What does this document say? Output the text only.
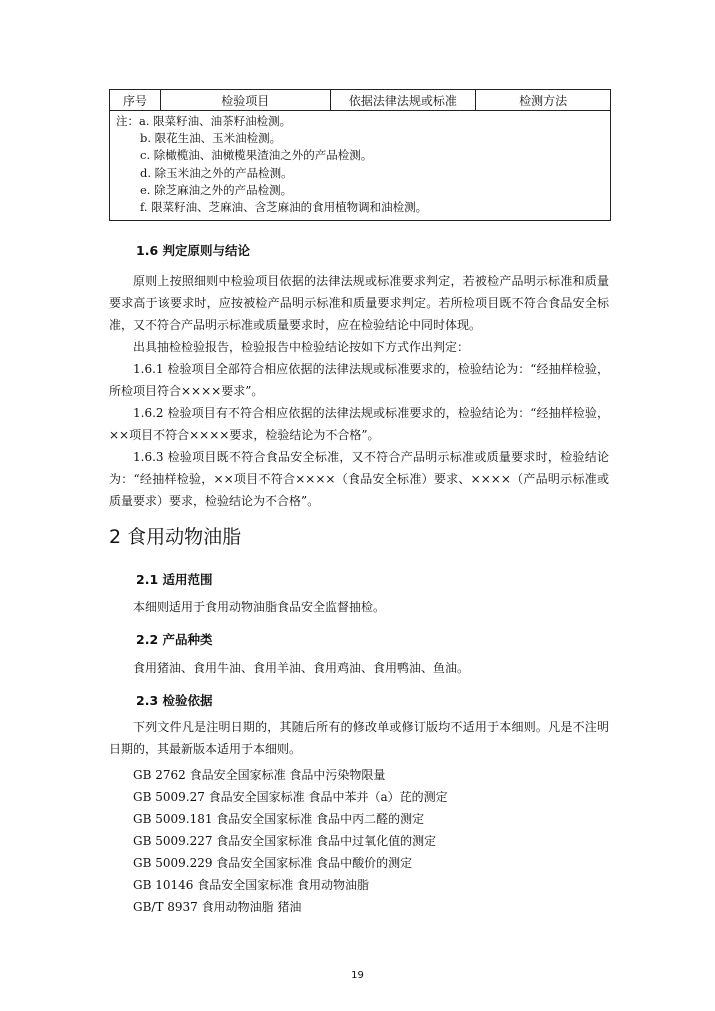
序号	检验项目	依据法律法规或标准	检测方法

注：a. 限菜籽油、油茶籽油检测。
b. 限花生油、玉米油检测。
c. 除橄榄油、油橄榄果渣油之外的产品检测。
d. 除玉米油之外的产品检测。
e. 除芝麻油之外的产品检测。
f. 限菜籽油、芝麻油、含芝麻油的食用植物调和油检测。
1.6 判定原则与结论
原则上按照细则中检验项目依据的法律法规或标准要求判定，若被检产品明示标准和质量要求高于该要求时，应按被检产品明示标准和质量要求判定。若所检项目既不符合食品安全标准，又不符合产品明示标准或质量要求时，应在检验结论中同时体现。
出具抽检检验报告，检验报告中检验结论按如下方式作出判定：
1.6.1 检验项目全部符合相应依据的法律法规或标准要求的，检验结论为：“经抽样检验，所检项目符合××××要求”。
1.6.2 检验项目有不符合相应依据的法律法规或标准要求的，检验结论为：“经抽样检验，××项目不符合××××要求，检验结论为不合格”。
1.6.3 检验项目既不符合食品安全标准，又不符合产品明示标准或质量要求时，检验结论为：“经抽样检验，××项目不符合××××（食品安全标准）要求、××××（产品明示标准或质量要求）要求，检验结论为不合格”。
2 食用动物油脂
2.1 适用范围
本细则适用于食用动物油脂食品安全监督抽检。
2.2 产品种类
食用猪油、食用牛油、食用羊油、食用鸡油、食用鸭油、鱼油。
2.3 检验依据
下列文件凡是注明日期的，其随后所有的修改单或修订版均不适用于本细则。凡是不注明日期的，其最新版本适用于本细则。
GB 2762 食品安全国家标准 食品中污染物限量
GB 5009.27 食品安全国家标准 食品中苯并（a）芘的测定
GB 5009.181 食品安全国家标准 食品中丙二醛的测定
GB 5009.227 食品安全国家标准 食品中过氧化值的测定
GB 5009.229 食品安全国家标准 食品中酸价的测定
GB 10146 食品安全国家标准 食用动物油脂
GB/T 8937 食用动物油脂 猪油
19
